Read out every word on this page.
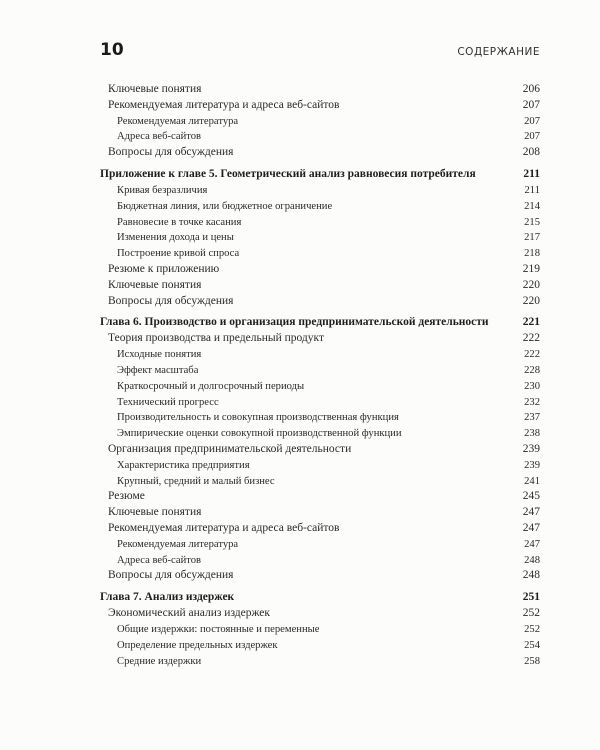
10	СОДЕРЖАНИЕ
Ключевые понятия	206
Рекомендуемая литература и адреса веб-сайтов	207
Рекомендуемая литература	207
Адреса веб-сайтов	207
Вопросы для обсуждения	208
Приложение к главе 5. Геометрический анализ равновесия потребителя	211
Кривая безразличия	211
Бюджетная линия, или бюджетное ограничение	214
Равновесие в точке касания	215
Изменения дохода и цены	217
Построение кривой спроса	218
Резюме к приложению	219
Ключевые понятия	220
Вопросы для обсуждения	220
Глава 6. Производство и организация предпринимательской деятельности	221
Теория производства и предельный продукт	222
Исходные понятия	222
Эффект масштаба	228
Краткосрочный и долгосрочный периоды	230
Технический прогресс	232
Производительность и совокупная производственная функция	237
Эмпирические оценки совокупной производственной функции	238
Организация предпринимательской деятельности	239
Характеристика предприятия	239
Крупный, средний и малый бизнес	241
Резюме	245
Ключевые понятия	247
Рекомендуемая литература и адреса веб-сайтов	247
Рекомендуемая литература	247
Адреса веб-сайтов	248
Вопросы для обсуждения	248
Глава 7. Анализ издержек	251
Экономический анализ издержек	252
Общие издержки: постоянные и переменные	252
Определение предельных издержек	254
Средние издержки	258
